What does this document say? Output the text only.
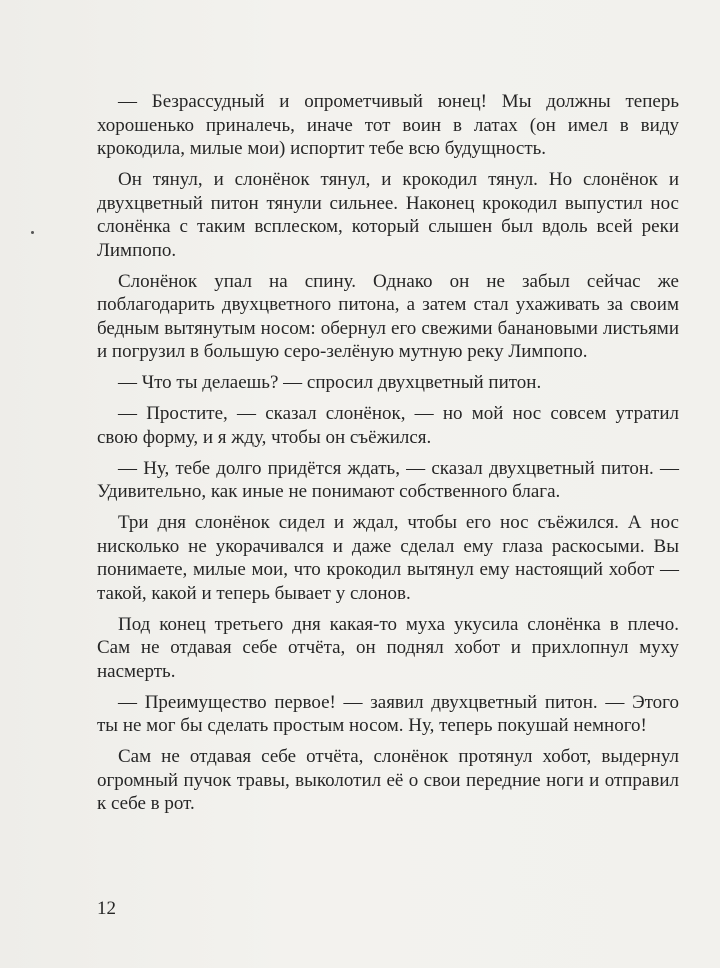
— Безрассудный и опрометчивый юнец! Мы должны теперь хорошенько приналечь, иначе тот воин в латах (он имел в виду крокодила, милые мои) испортит тебе всю будущность.

Он тянул, и слонёнок тянул, и крокодил тянул. Но слонёнок и двухцветный питон тянули сильнее. Наконец крокодил выпустил нос слонёнка с таким всплеском, который слышен был вдоль всей реки Лимпопо.

Слонёнок упал на спину. Однако он не забыл сейчас же поблагодарить двухцветного питона, а затем стал ухаживать за своим бедным вытянутым носом: обернул его свежими банановыми листьями и погрузил в большую серо-зелёную мутную реку Лимпопо.

— Что ты делаешь? — спросил двухцветный питон.

— Простите, — сказал слонёнок, — но мой нос совсем утратил свою форму, и я жду, чтобы он съёжился.

— Ну, тебе долго придётся ждать, — сказал двухцветный питон. — Удивительно, как иные не понимают собственного блага.

Три дня слонёнок сидел и ждал, чтобы его нос съёжился. А нос нисколько не укорачивался и даже сделал ему глаза раскосыми. Вы понимаете, милые мои, что крокодил вытянул ему настоящий хобот — такой, какой и теперь бывает у слонов.

Под конец третьего дня какая-то муха укусила слонёнка в плечо. Сам не отдавая себе отчёта, он поднял хобот и прихлопнул муху насмерть.

— Преимущество первое! — заявил двухцветный питон. — Этого ты не мог бы сделать простым носом. Ну, теперь покушай немного!

Сам не отдавая себе отчёта, слонёнок протянул хобот, выдернул огромный пучок травы, выколотил её о свои передние ноги и отправил к себе в рот.

12
